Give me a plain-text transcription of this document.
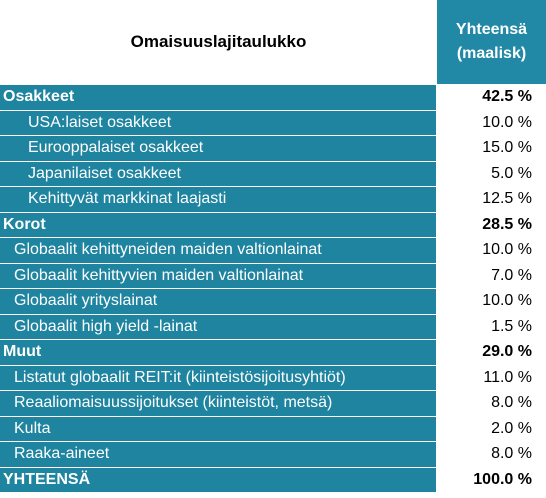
Omaisuuslajitaulukko
Yhteensä
(maalisk)
Osakkeet	42.5 %
USA:laiset osakkeet	10.0 %
Eurooppalaiset osakkeet	15.0 %
Japanilaiset osakkeet	5.0 %
Kehittyvät markkinat laajasti	12.5 %
Korot	28.5 %
Globaalit kehittyneiden maiden valtionlainat	10.0 %
Globaalit kehittyvien maiden valtionlainat	7.0 %
Globaalit yrityslainat	10.0 %
Globaalit high yield -lainat	1.5 %
Muut	29.0 %
Listatut globaalit REIT:it (kiinteistösijoitusyhtiöt)	11.0 %
Reaaliomaisuussijoitukset (kiinteistöt, metsä)	8.0 %
Kulta	2.0 %
Raaka-aineet	8.0 %
YHTEENSÄ	100.0 %
